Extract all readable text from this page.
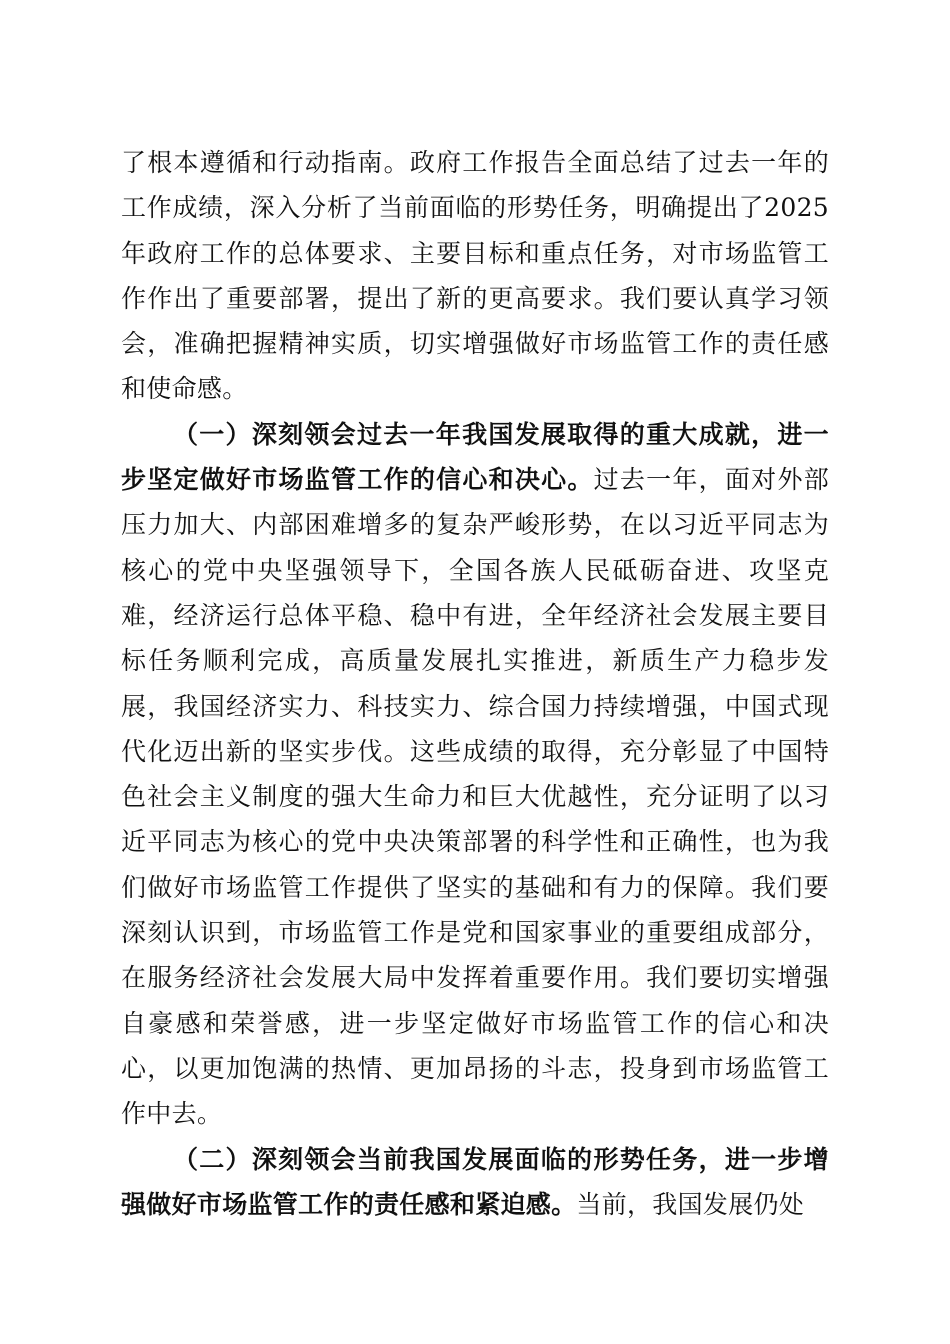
了根本遵循和行动指南。政府工作报告全面总结了过去一年的工作成绩，深入分析了当前面临的形势任务，明确提出了2025年政府工作的总体要求、主要目标和重点任务，对市场监管工作作出了重要部署，提出了新的更高要求。我们要认真学习领会，准确把握精神实质，切实增强做好市场监管工作的责任感和使命感。

（一）深刻领会过去一年我国发展取得的重大成就，进一步坚定做好市场监管工作的信心和决心。过去一年，面对外部压力加大、内部困难增多的复杂严峻形势，在以习近平同志为核心的党中央坚强领导下，全国各族人民砥砺奋进、攻坚克难，经济运行总体平稳、稳中有进，全年经济社会发展主要目标任务顺利完成，高质量发展扎实推进，新质生产力稳步发展，我国经济实力、科技实力、综合国力持续增强，中国式现代化迈出新的坚实步伐。这些成绩的取得，充分彰显了中国特色社会主义制度的强大生命力和巨大优越性，充分证明了以习近平同志为核心的党中央决策部署的科学性和正确性，也为我们做好市场监管工作提供了坚实的基础和有力的保障。我们要深刻认识到，市场监管工作是党和国家事业的重要组成部分，在服务经济社会发展大局中发挥着重要作用。我们要切实增强自豪感和荣誉感，进一步坚定做好市场监管工作的信心和决心，以更加饱满的热情、更加昂扬的斗志，投身到市场监管工作中去。

（二）深刻领会当前我国发展面临的形势任务，进一步增强做好市场监管工作的责任感和紧迫感。当前，我国发展仍处
